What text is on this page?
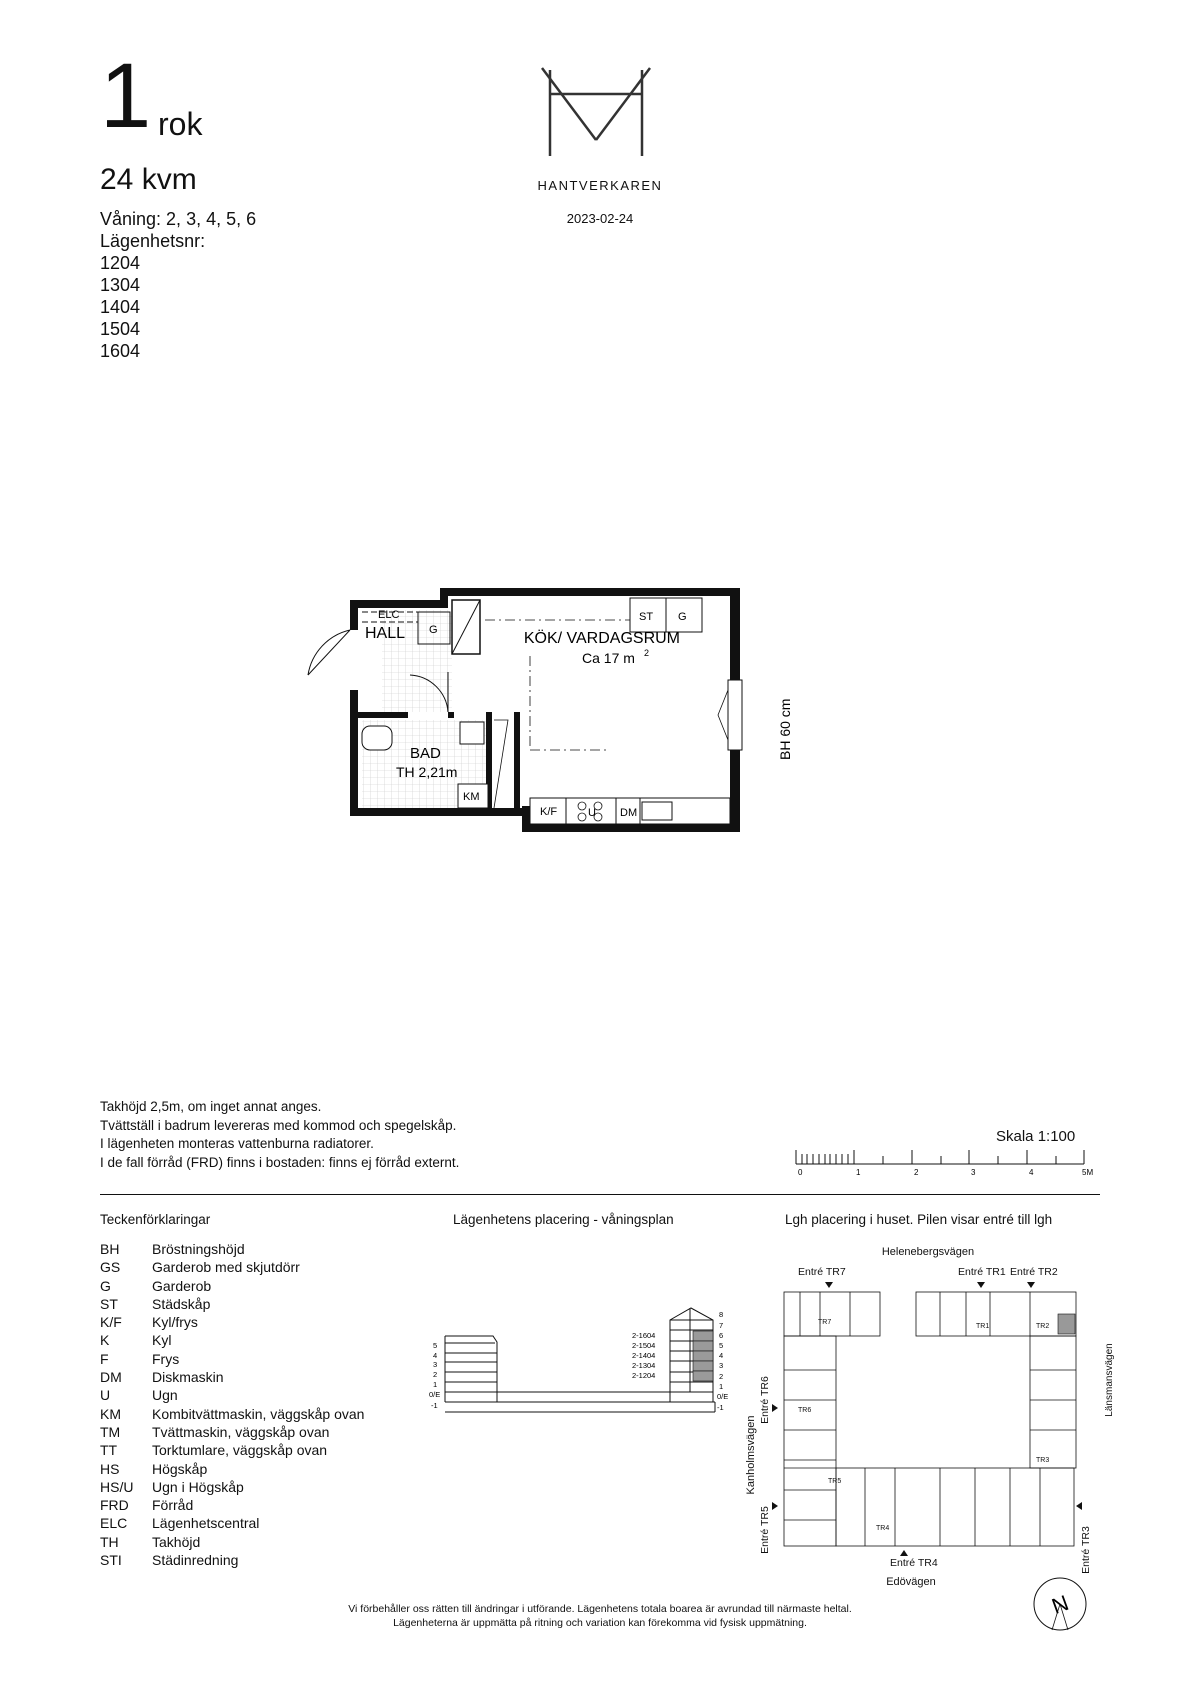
1 rok
24 kvm
Våning: 2, 3, 4, 5, 6
Lägenhetsnr:
1204
1304
1404
1504
1604
HANTVERKAREN
2023-02-24
KÖK/ VARDAGSRUM
Ca 17 m 2
HALL
BAD
TH 2,21m
ELC
G
ST G
KM
K/F	U DM
BH 60 cm
Takhöjd 2,5m, om inget annat anges.
Tvättställ i badrum levereras med kommod och spegelskåp.
I lägenheten monteras vattenburna radiatorer.
I de fall förråd (FRD) finns i bostaden: finns ej förråd externt.
Skala 1:100
0	1	2	3	4	5M
Teckenförklaringar
BH	Bröstningshöjd
GS	Garderob med skjutdörr
G	Garderob
ST	Städskåp
K/F	Kyl/frys
K	Kyl
F	Frys
DM	Diskmaskin
U	Ugn
KM	Kombitvättmaskin, väggskåp ovan
TM	Tvättmaskin, väggskåp ovan
TT	Torktumlare, väggskåp ovan
HS	Högskåp
HS/U	Ugn i Högskåp
FRD	Förråd
ELC	Lägenhetscentral
TH	Takhöjd
STI	Städinredning
Lägenhetens placering - våningsplan
5
4
3
2
1
0/E
-1
8
7
6
5
4
3
2
1
0/E
-1
2-1604
2-1504
2-1404
2-1304
2-1204
Lgh placering i huset. Pilen visar entré till lgh
Helenebergsvägen
Edövägen
Kanholmsvägen
Länsmansvägen
Entré TR7	Entré TR1 Entré TR2
Entré TR6
Entré TR5	Entré TR3
Entré TR4
TR1	TR2
TR3
TR4
TR5
TR6
TR7
N
Vi förbehåller oss rätten till ändringar i utförande. Lägenhetens totala boarea är avrundad till närmaste heltal.
Lägenheterna är uppmätta på ritning och variation kan förekomma vid fysisk uppmätning.
